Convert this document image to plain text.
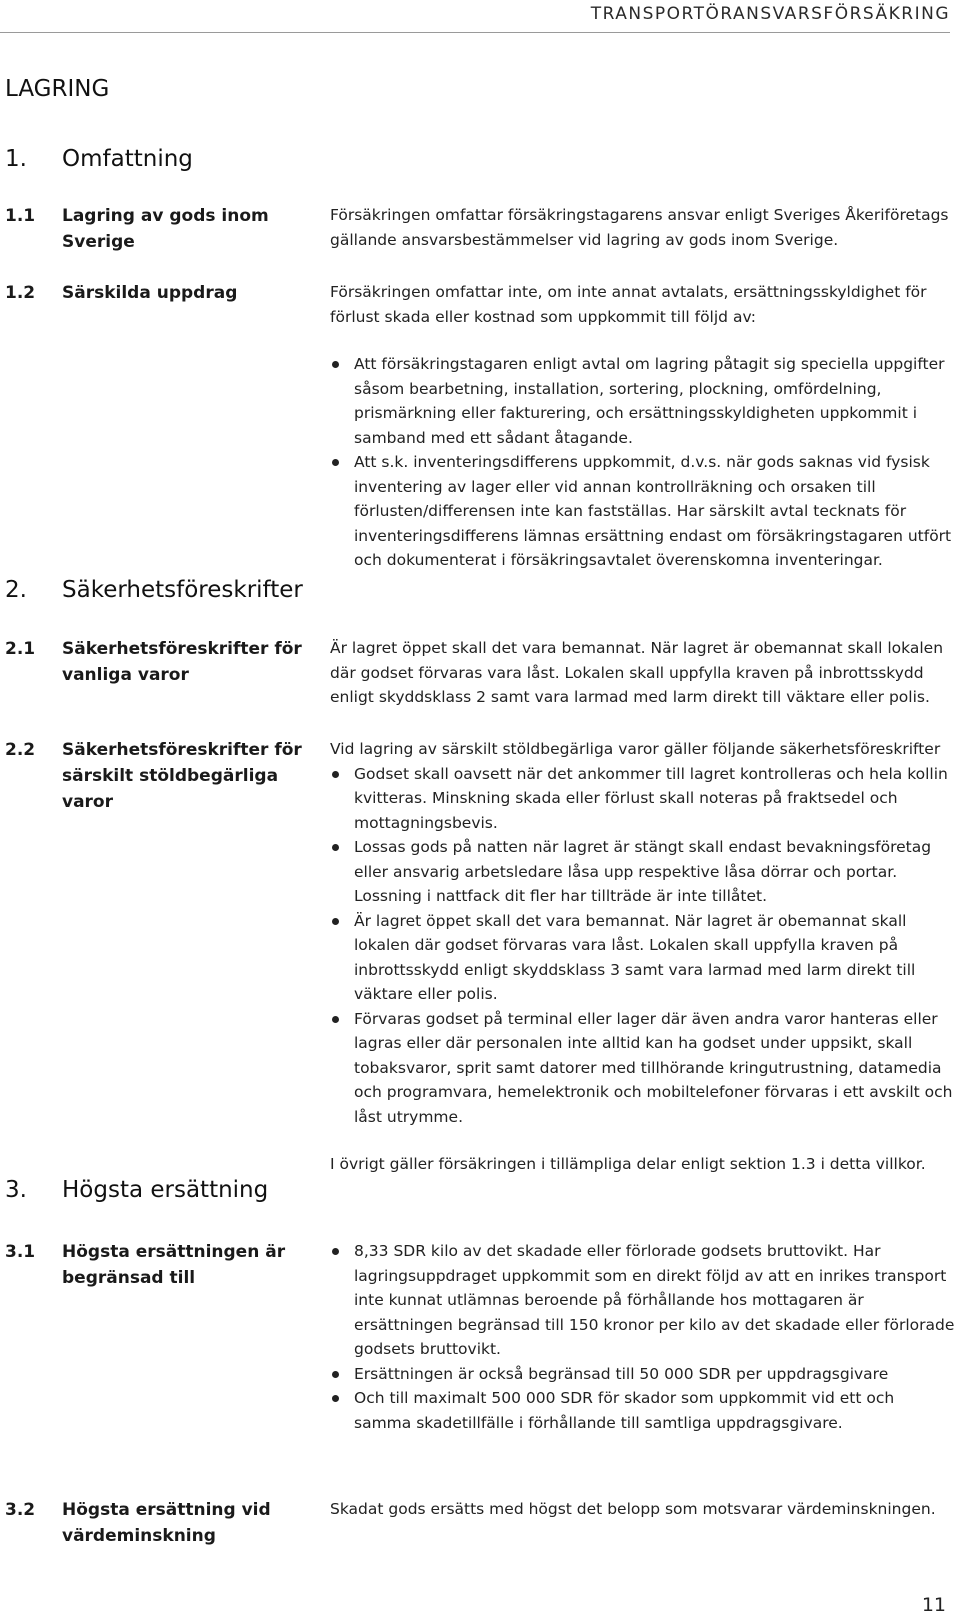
TRANSPORTÖRANSVARSFÖRSÄKRING
LAGRING
1. Omfattning
1.1 Lagring av gods inom Sverige
Försäkringen omfattar försäkringstagarens ansvar enligt Sveriges Åkeriföretags gällande ansvarsbestämmelser vid lagring av gods inom Sverige.
1.2 Särskilda uppdrag	Försäkringen omfattar inte, om inte annat avtalats, ersättningsskyldighet för förlust skada eller kostnad som uppkommit till följd av:

Att försäkringstagaren enligt avtal om lagring påtagit sig speciella uppgifter såsom bearbetning, installation, sortering, plockning, omfördelning, prismärkning eller fakturering, och ersättningsskyldigheten uppkommit i samband med ett sådant åtagande.
Att s.k. inventeringsdifferens uppkommit, d.v.s. när gods saknas vid fysisk inventering av lager eller vid annan kontrollräkning och orsaken till förlusten/differensen inte kan fastställas. Har särskilt avtal tecknats för inventeringsdifferens lämnas ersättning endast om försäkringstagaren utfört och dokumenterat i försäkringsavtalet överenskomna inventeringar.
2. Säkerhetsföreskrifter
2.1 Säkerhetsföreskrifter för vanliga varor
Är lagret öppet skall det vara bemannat. När lagret är obemannat skall lokalen där godset förvaras vara låst. Lokalen skall uppfylla kraven på inbrottsskydd enligt skyddsklass 2 samt vara larmad med larm direkt till väktare eller polis.
2.2 Säkerhetsföreskrifter för särskilt stöldbegärliga varor

Vid lagring av särskilt stöldbegärliga varor gäller följande säkerhetsföreskrifter

Godset skall oavsett när det ankommer till lagret kontrolleras och hela kollin kvitteras. Minskning skada eller förlust skall noteras på fraktsedel och mottagningsbevis.
Lossas gods på natten när lagret är stängt skall endast bevakningsföretag eller ansvarig arbetsledare låsa upp respektive låsa dörrar och portar. Lossning i nattfack dit fler har tillträde är inte tillåtet.
Är lagret öppet skall det vara bemannat. När lagret är obemannat skall lokalen där godset förvaras vara låst. Lokalen skall uppfylla kraven på inbrottsskydd enligt skyddsklass 3 samt vara larmad med larm direkt till väktare eller polis.
Förvaras godset på terminal eller lager där även andra varor hanteras eller lagras eller där personalen inte alltid kan ha godset under uppsikt, skall tobaksvaror, sprit samt datorer med tillhörande kringutrustning, datamedia och programvara, hemelektronik och mobiltelefoner förvaras i ett avskilt och låst utrymme.

I övrigt gäller försäkringen i tillämpliga delar enligt sektion 1.3 i detta villkor.

3. Högsta ersättning
3.1 Högsta ersättningen är begränsad till
8,33 SDR kilo av det skadade eller förlorade godsets bruttovikt. Har lagringsuppdraget uppkommit som en direkt följd av att en inrikes transport inte kunnat utlämnas beroende på förhållande hos mottagaren är ersättningen begränsad till 150 kronor per kilo av det skadade eller förlorade godsets bruttovikt.
Ersättningen är också begränsad till 50 000 SDR per uppdragsgivare
Och till maximalt 500 000 SDR för skador som uppkommit vid ett och samma skadetillfälle i förhållande till samtliga uppdragsgivare.
3.2 Högsta ersättning vid värdeminskning
Skadat gods ersätts med högst det belopp som motsvarar värdeminskningen.
11
